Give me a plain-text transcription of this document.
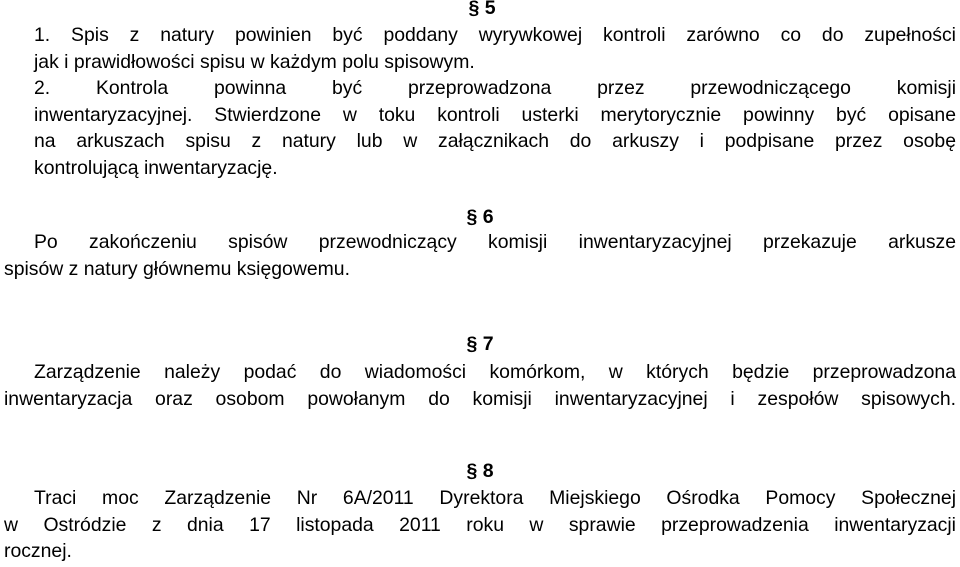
§ 5
1. Spis z natury powinien być poddany wyrywkowej kontroli zarówno co do zupełności
jak i prawidłowości spisu w każdym polu spisowym.
2. Kontrola powinna być przeprowadzona przez przewodniczącego komisji
inwentaryzacyjnej. Stwierdzone w toku kontroli usterki merytorycznie powinny być opisane
na arkuszach spisu z natury lub w załącznikach do arkuszy i podpisane przez osobę
kontrolującą inwentaryzację.
§ 6
Po zakończeniu spisów przewodniczący komisji inwentaryzacyjnej przekazuje arkusze
spisów z natury głównemu księgowemu.
§ 7
Zarządzenie należy podać do wiadomości komórkom, w których będzie przeprowadzona
inwentaryzacja oraz osobom powołanym do komisji inwentaryzacyjnej i zespołów spisowych.
§ 8
Traci moc Zarządzenie Nr 6A/2011 Dyrektora Miejskiego Ośrodka Pomocy Społecznej
w Ostródzie z dnia 17 listopada 2011 roku w sprawie przeprowadzenia inwentaryzacji
rocznej.
